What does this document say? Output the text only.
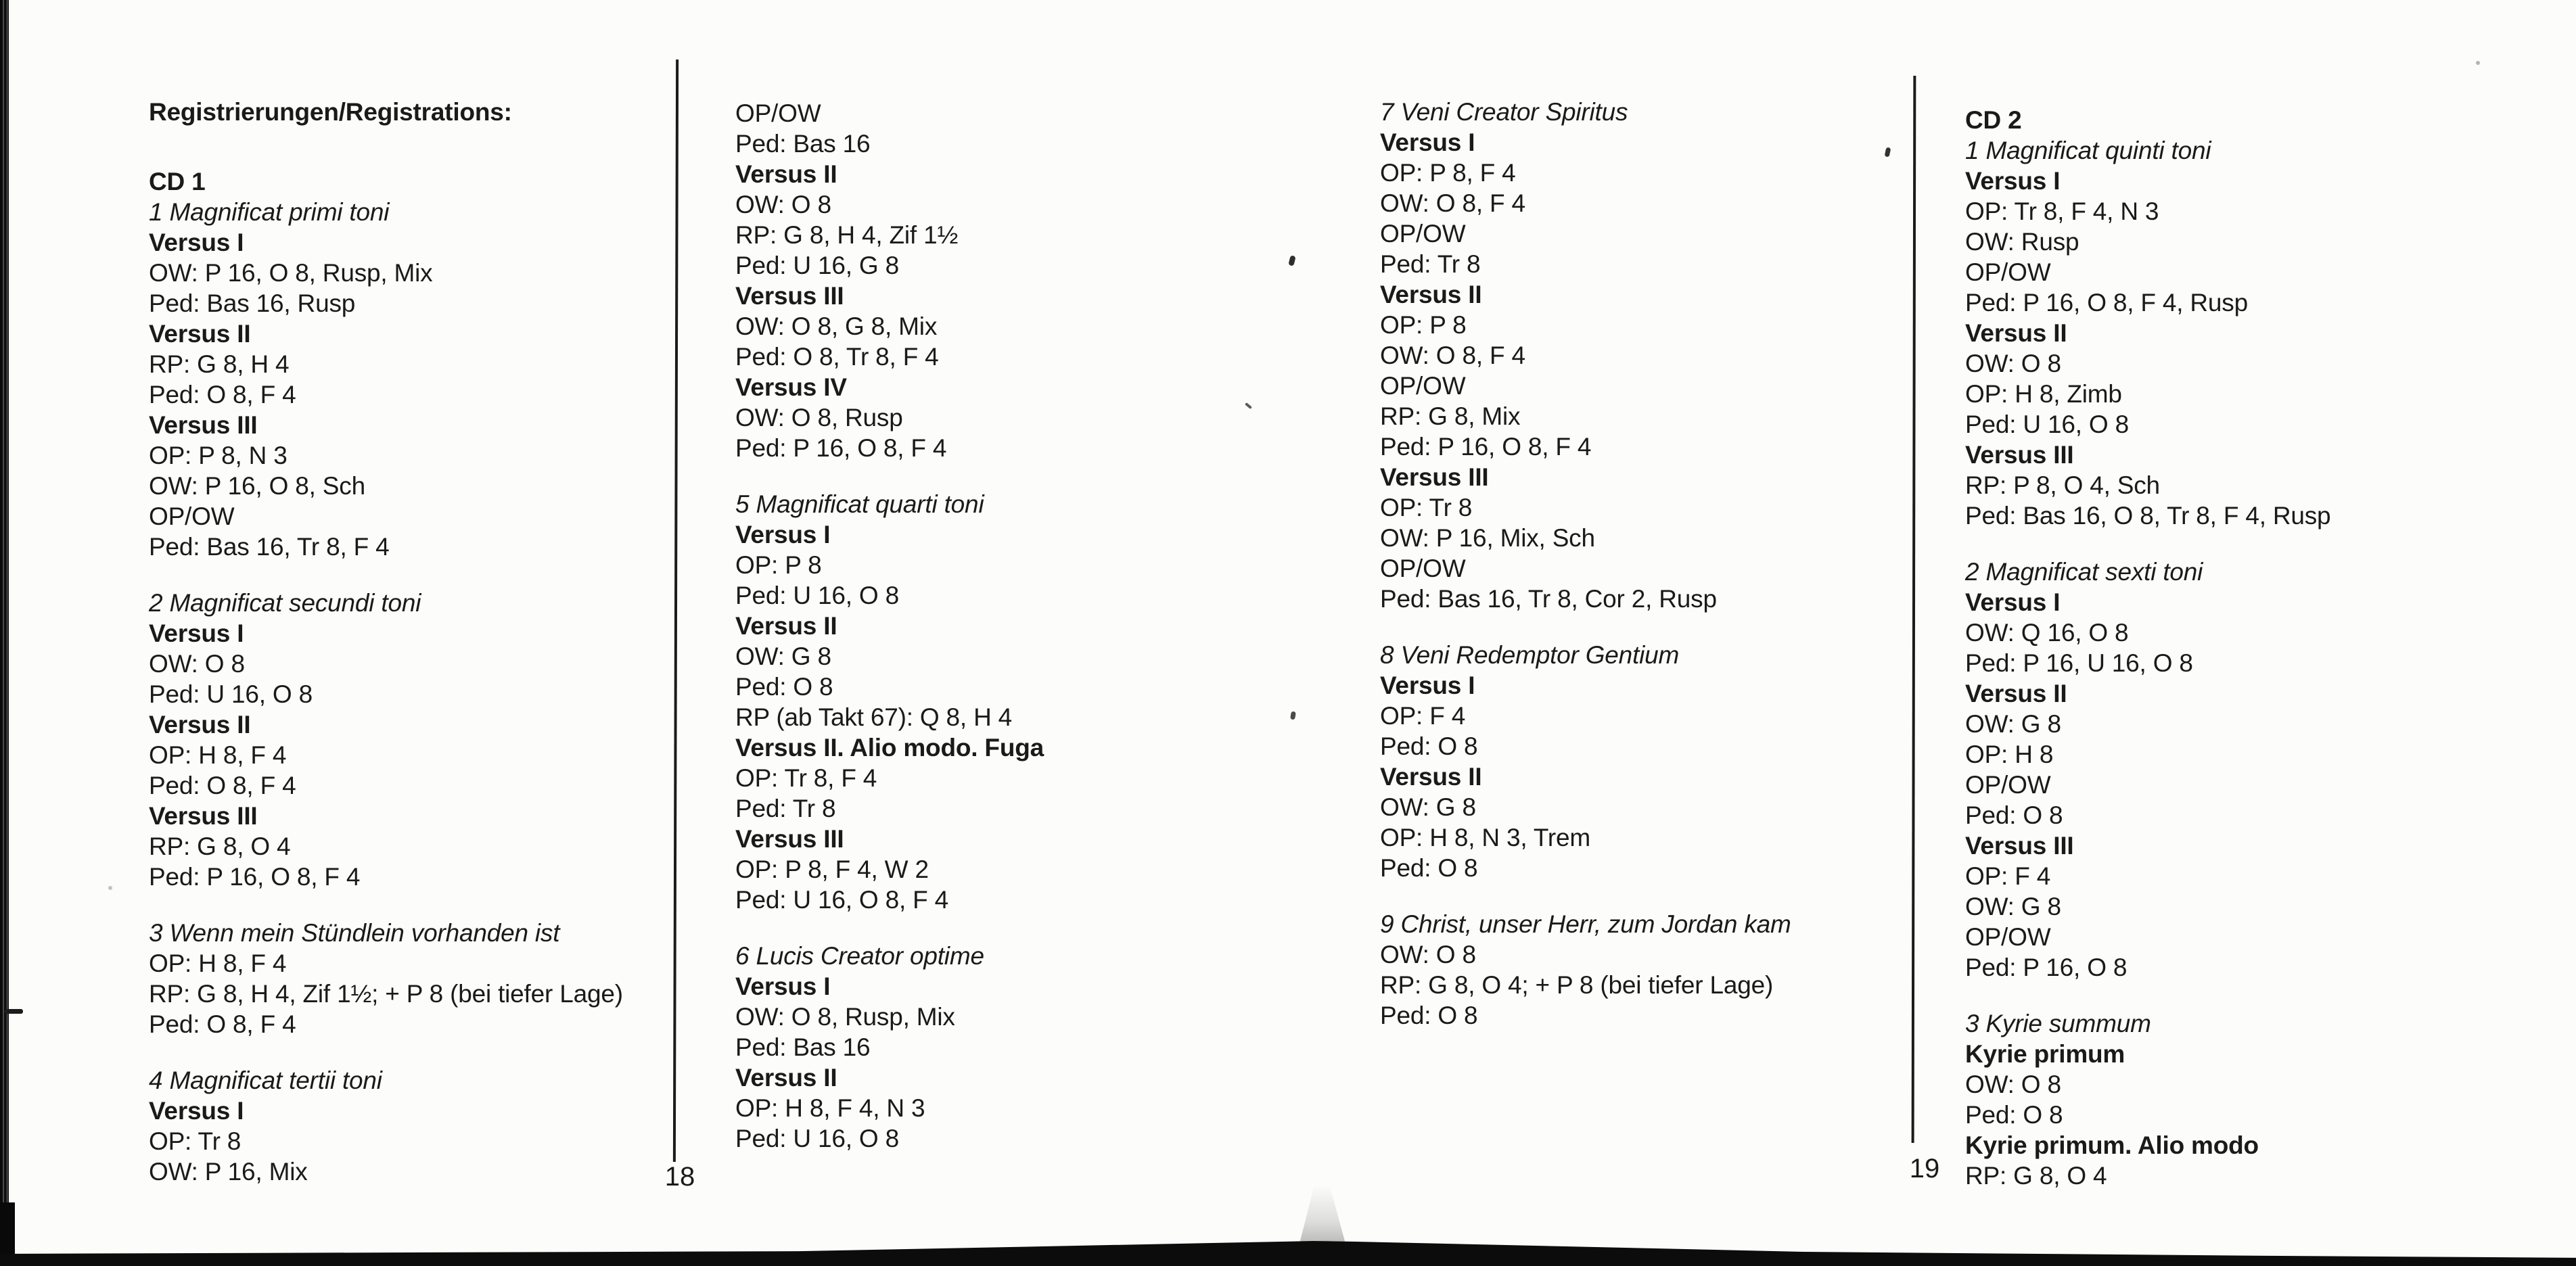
Registrierungen/Registrations:
CD 1
1 Magnificat primi toni
Versus I
OW: P 16, O 8, Rusp, Mix
Ped: Bas 16, Rusp
Versus II
RP: G 8, H 4
Ped: O 8, F 4
Versus III
OP: P 8, N 3
OW: P 16, O 8, Sch
OP/OW
Ped: Bas 16, Tr 8, F 4
2 Magnificat secundi toni
Versus I
OW: O 8
Ped: U 16, O 8
Versus II
OP: H 8, F 4
Ped: O 8, F 4
Versus III
RP: G 8, O 4
Ped: P 16, O 8, F 4
3 Wenn mein Stündlein vorhanden ist
OP: H 8, F 4
RP: G 8, H 4, Zif 1½; + P 8 (bei tiefer Lage)
Ped: O 8, F 4
4 Magnificat tertii toni
Versus I
OP: Tr 8
OW: P 16, Mix
OP/OW
Ped: Bas 16
Versus II
OW: O 8
RP: G 8, H 4, Zif 1½
Ped: U 16, G 8
Versus III
OW: O 8, G 8, Mix
Ped: O 8, Tr 8, F 4
Versus IV
OW: O 8, Rusp
Ped: P 16, O 8, F 4
5 Magnificat quarti toni
Versus I
OP: P 8
Ped: U 16, O 8
Versus II
OW: G 8
Ped: O 8
RP (ab Takt 67): Q 8, H 4
Versus II. Alio modo. Fuga
OP: Tr 8, F 4
Ped: Tr 8
Versus III
OP: P 8, F 4, W 2
Ped: U 16, O 8, F 4
6 Lucis Creator optime
Versus I
OW: O 8, Rusp, Mix
Ped: Bas 16
Versus II
OP: H 8, F 4, N 3
Ped: U 16, O 8
7 Veni Creator Spiritus
Versus I
OP: P 8, F 4
OW: O 8, F 4
OP/OW
Ped: Tr 8
Versus II
OP: P 8
OW: O 8, F 4
OP/OW
RP: G 8, Mix
Ped: P 16, O 8, F 4
Versus III
OP: Tr 8
OW: P 16, Mix, Sch
OP/OW
Ped: Bas 16, Tr 8, Cor 2, Rusp
8 Veni Redemptor Gentium
Versus I
OP: F 4
Ped: O 8
Versus II
OW: G 8
OP: H 8, N 3, Trem
Ped: O 8
9 Christ, unser Herr, zum Jordan kam
OW: O 8
RP: G 8, O 4; + P 8 (bei tiefer Lage)
Ped: O 8
CD 2
1 Magnificat quinti toni
Versus I
OP: Tr 8, F 4, N 3
OW: Rusp
OP/OW
Ped: P 16, O 8, F 4, Rusp
Versus II
OW: O 8
OP: H 8, Zimb
Ped: U 16, O 8
Versus III
RP: P 8, O 4, Sch
Ped: Bas 16, O 8, Tr 8, F 4, Rusp
2 Magnificat sexti toni
Versus I
OW: Q 16, O 8
Ped: P 16, U 16, O 8
Versus II
OW: G 8
OP: H 8
OP/OW
Ped: O 8
Versus III
OP: F 4
OW: G 8
OP/OW
Ped: P 16, O 8
3 Kyrie summum
Kyrie primum
OW: O 8
Ped: O 8
Kyrie primum. Alio modo
RP: G 8, O 4
18	19
